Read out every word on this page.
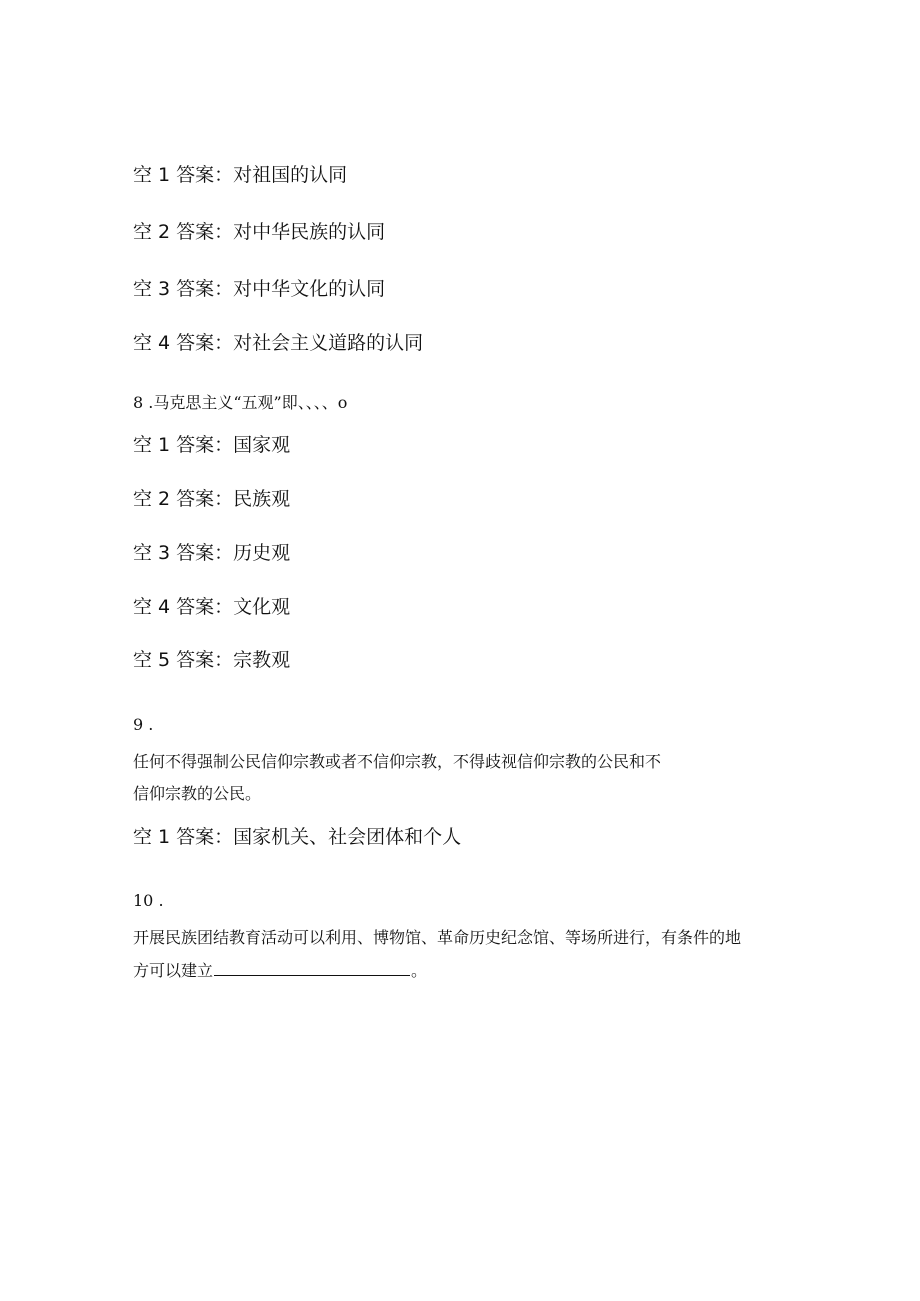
空 1 答案：对祖国的认同
空 2 答案：对中华民族的认同
空 3 答案：对中华文化的认同
空 4 答案：对社会主义道路的认同
8 .马克思主义“五观”即、、、、o
空 1 答案：国家观
空 2 答案：民族观
空 3 答案：历史观
空 4 答案：文化观
空 5 答案：宗教观
9 .
任何不得强制公民信仰宗教或者不信仰宗教，不得歧视信仰宗教的公民和不
信仰宗教的公民。
空 1 答案：国家机关、社会团体和个人
10 .
开展民族团结教育活动可以利用、博物馆、革命历史纪念馆、等场所进行，有条件的地
方可以建立	。
